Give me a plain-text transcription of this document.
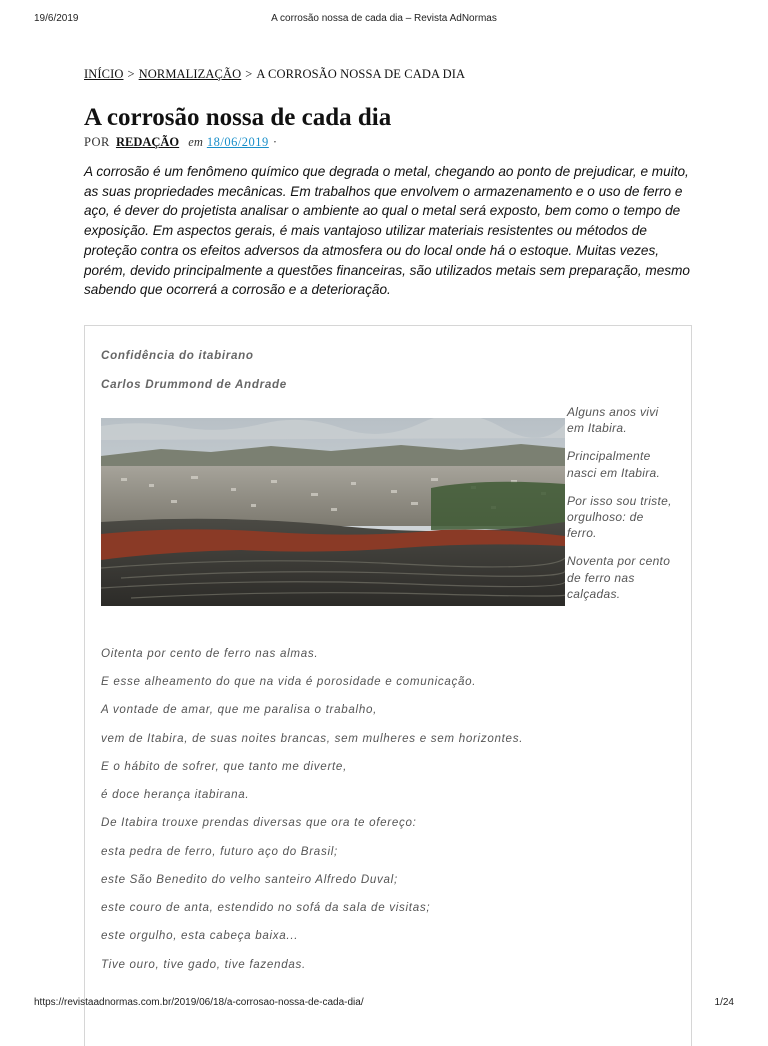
19/6/2019	A corrosão nossa de cada dia – Revista AdNormas
INÍCIO > NORMALIZAÇÃO > A CORROSÃO NOSSA DE CADA DIA
A corrosão nossa de cada dia
POR REDAÇÃO em 18/06/2019 ·

A corrosão é um fenômeno químico que degrada o metal, chegando ao ponto de prejudicar, e muito, as suas propriedades mecânicas. Em trabalhos que envolvem o armazenamento e o uso de ferro e aço, é dever do projetista analisar o ambiente ao qual o metal será exposto, bem como o tempo de exposição. Em aspectos gerais, é mais vantajoso utilizar materiais resistentes ou métodos de proteção contra os efeitos adversos da atmosfera ou do local onde há o estoque. Muitas vezes, porém, devido principalmente a questões financeiras, são utilizados metais sem preparação, mesmo sabendo que ocorrerá a corrosão e a deterioração.

Confidência do itabirano
Carlos Drummond de Andrade

Alguns anos vivi em Itabira.

Principalmente nasci em Itabira.

Por isso sou triste, orgulhoso: de ferro.

Noventa por cento de ferro nas calçadas.

Oitenta por cento de ferro nas almas.
E esse alheamento do que na vida é porosidade e comunicação.
A vontade de amar, que me paralisa o trabalho,
vem de Itabira, de suas noites brancas, sem mulheres e sem horizontes.
E o hábito de sofrer, que tanto me diverte,
é doce herança itabirana.
De Itabira trouxe prendas diversas que ora te ofereço:
esta pedra de ferro, futuro aço do Brasil;
este São Benedito do velho santeiro Alfredo Duval;
este couro de anta, estendido no sofá da sala de visitas;
este orgulho, esta cabeça baixa...
Tive ouro, tive gado, tive fazendas.
https://revistaadnormas.com.br/2019/06/18/a-corrosao-nossa-de-cada-dia/	1/24
